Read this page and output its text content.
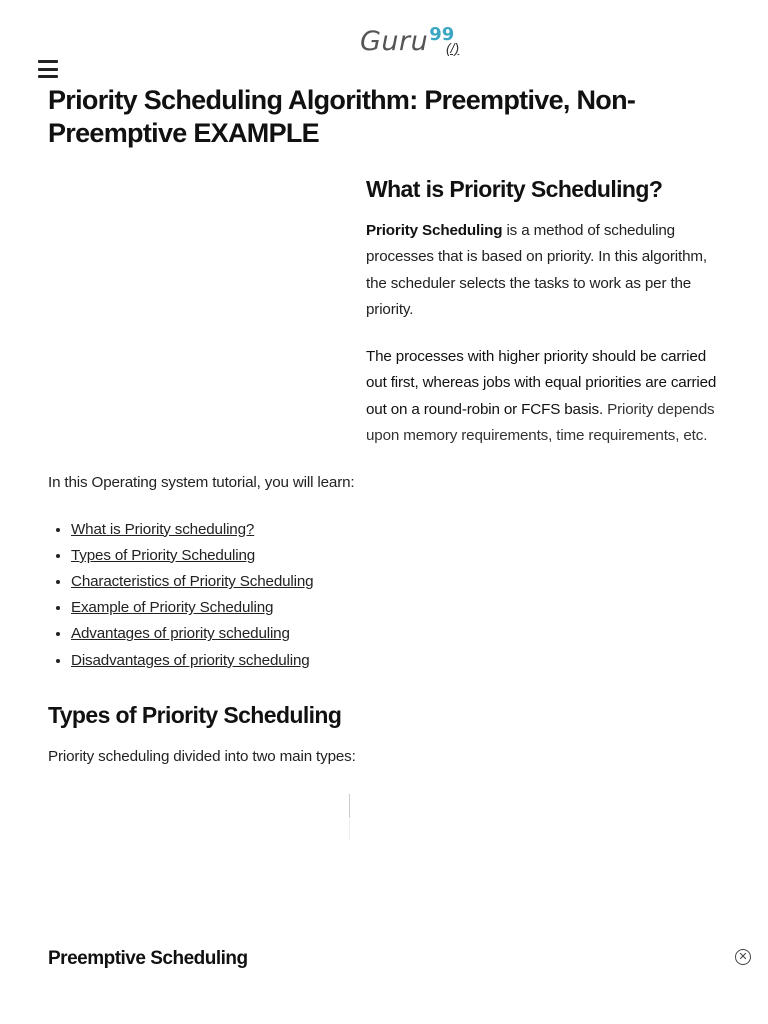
Guru 99
(/)
Priority Scheduling Algorithm: Preemptive, Non-Preemptive EXAMPLE
What is Priority Scheduling?

Priority Scheduling is a method of scheduling processes that is based on priority. In this algorithm, the scheduler selects the tasks to work as per the priority.

The processes with higher priority should be carried out first, whereas jobs with equal priorities are carried out on a round-robin or FCFS basis. Priority depends upon memory requirements, time requirements, etc.

In this Operating system tutorial, you will learn:

• What is Priority scheduling?
• Types of Priority Scheduling
• Characteristics of Priority Scheduling
• Example of Priority Scheduling
• Advantages of priority scheduling
• Disadvantages of priority scheduling
Types of Priority Scheduling

Priority scheduling divided into two main types:

Preemptive Scheduling	✕
